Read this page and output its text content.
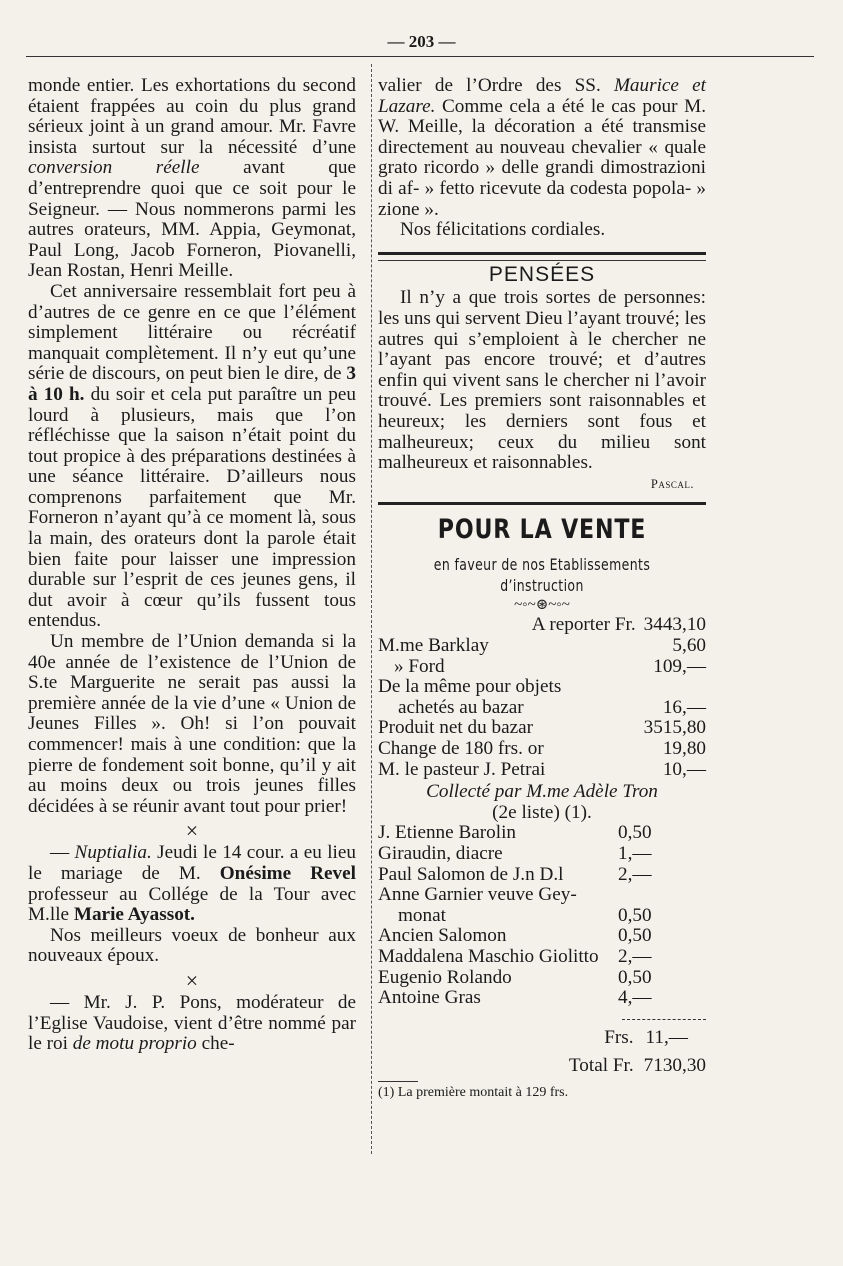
— 203 —

monde entier. Les exhortations du second étaient frappées au coin du plus grand sérieux joint à un grand amour. Mr. Favre insista surtout sur la nécessité d’une conversion réelle avant que d’entreprendre quoi que ce soit pour le Seigneur. — Nous nommerons parmi les autres orateurs, MM. Appia, Geymonat, Paul Long, Jacob Forneron, Piovanelli, Jean Rostan, Henri Meille.

Cet anniversaire ressemblait fort peu à d’autres de ce genre en ce que l’élément simplement littéraire ou récréatif manquait complètement. Il n’y eut qu’une série de discours, on peut bien le dire, de 3 à 10 h. du soir et cela put paraître un peu lourd à plusieurs, mais que l’on réfléchisse que la saison n’était point du tout propice à des préparations destinées à une séance littéraire. D’ailleurs nous comprenons parfaitement que Mr. Forneron n’ayant qu’à ce moment là, sous la main, des orateurs dont la parole était bien faite pour laisser une impression durable sur l’esprit de ces jeunes gens, il dut avoir à cœur qu’ils fussent tous entendus.

Un membre de l’Union demanda si la 40e année de l’existence de l’Union de S.te Marguerite ne serait pas aussi la première année de la vie d’une « Union de Jeunes Filles ». Oh! si l’on pouvait commencer! mais à une condition: que la pierre de fondement soit bonne, qu’il y ait au moins deux ou trois jeunes filles décidées à se réunir avant tout pour prier!

×

— Nuptialia. Jeudi le 14 cour. a eu lieu le mariage de M. Onésime Revel professeur au Collége de la Tour avec M.lle Marie Ayassot.

Nos meilleurs voeux de bonheur aux nouveaux époux.

×

— Mr. J. P. Pons, modérateur de l’Eglise Vaudoise, vient d’être nommé par le roi de motu proprio che-

valier de l’Ordre des SS. Maurice et Lazare. Comme cela a été le cas pour M. W. Meille, la décoration a été transmise directement au nouveau chevalier « quale grato ricordo » delle grandi dimostrazioni di af- » fetto ricevute da codesta popola- » zione ».

Nos félicitations cordiales.

PENSÉES

Il n’y a que trois sortes de personnes: les uns qui servent Dieu l’ayant trouvé; les autres qui s’emploient à le chercher ne l’ayant pas encore trouvé; et d’autres enfin qui vivent sans le chercher ni l’avoir trouvé. Les premiers sont raisonnables et heureux; les derniers sont fous et malheureux; ceux du milieu sont malheureux et raisonnables.

Pascal.
POUR LA VENTE
en faveur de nos Etablissements d’instruction
~◦~⊛~◦~
A reporter Fr. 3443,10
M.me Barklay	5,60
» Ford	109,—
De la même pour objets
achetés au bazar	16,—
Produit net du bazar	3515,80
Change de 180 frs. or	19,80
M. le pasteur J. Petrai	10,—
Collecté par M.me Adèle Tron
(2e liste) (1).
J. Etienne Barolin	0,50
Giraudin, diacre	1,—
Paul Salomon de J.n D.l	2,—
Anne Garnier veuve Gey-
monat	0,50
Ancien Salomon	0,50
Maddalena Maschio Giolitto 2,—
Eugenio Rolando	0,50
Antoine Gras	4,—
Frs. 11,—
Total Fr. 7130,30
(1) La première montait à 129 frs.
